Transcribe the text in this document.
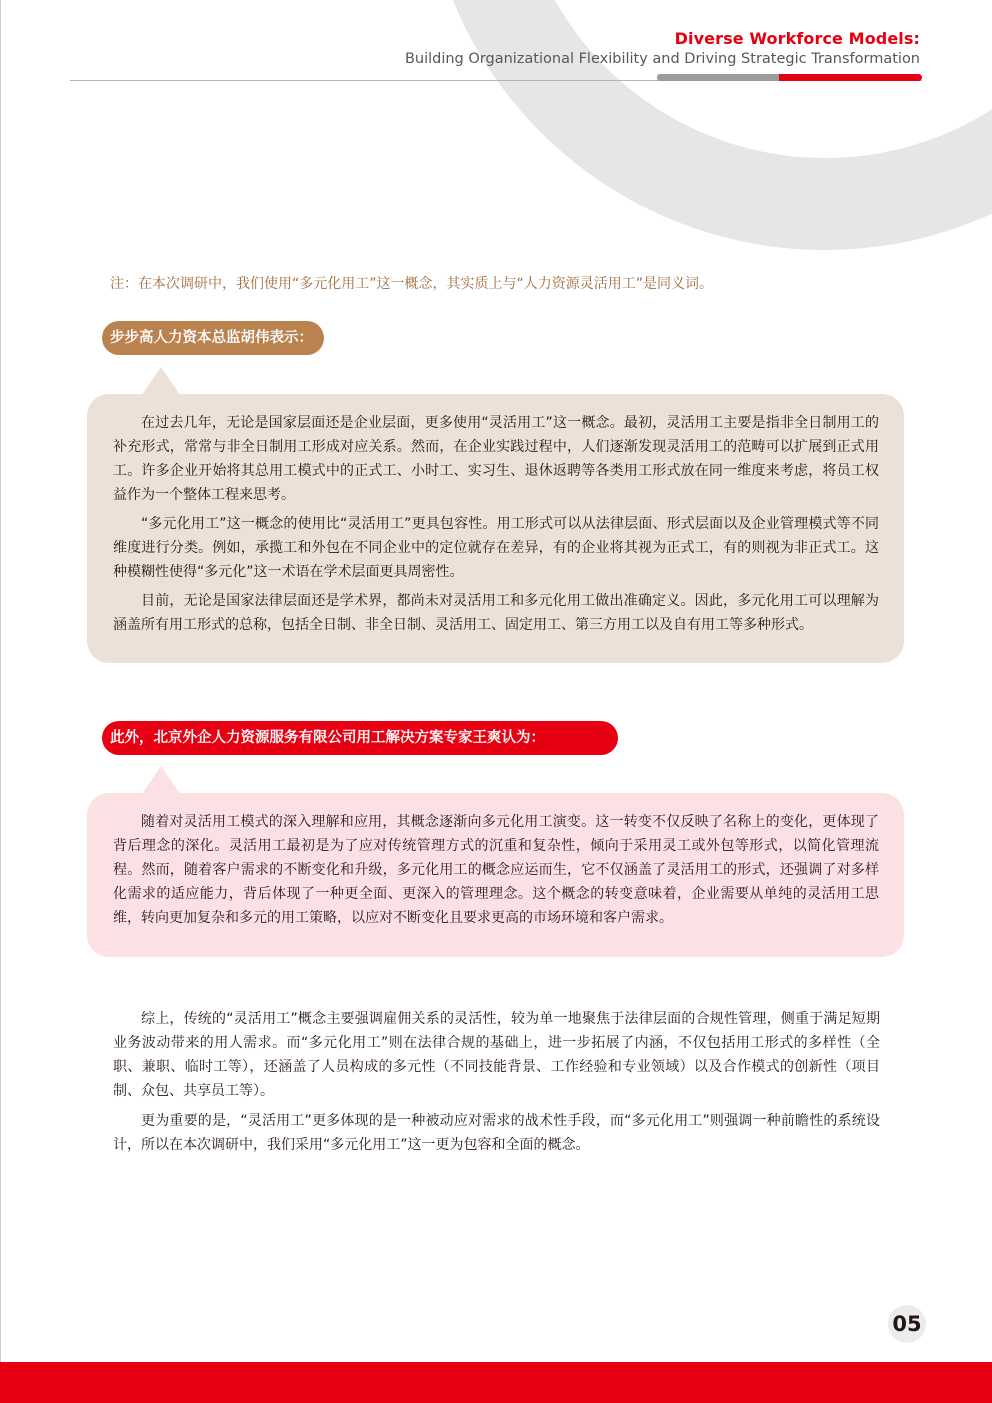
Diverse Workforce Models:
Building Organizational Flexibility and Driving Strategic Transformation
注：在本次调研中，我们使用“多元化用工”这一概念，其实质上与“人力资源灵活用工”是同义词。
步步高人力资本总监胡伟表示：

在过去几年，无论是国家层面还是企业层面，更多使用“灵活用工”这一概念。最初，灵活用工主要是指非全日制用工的补充形式，常常与非全日制用工形成对应关系。然而，在企业实践过程中，人们逐渐发现灵活用工的范畴可以扩展到正式用工。许多企业开始将其总用工模式中的正式工、小时工、实习生、退休返聘等各类用工形式放在同一维度来考虑，将员工权益作为一个整体工程来思考。

“多元化用工”这一概念的使用比“灵活用工”更具包容性。用工形式可以从法律层面、形式层面以及企业管理模式等不同维度进行分类。例如，承揽工和外包在不同企业中的定位就存在差异，有的企业将其视为正式工，有的则视为非正式工。这种模糊性使得“多元化”这一术语在学术层面更具周密性。

目前，无论是国家法律层面还是学术界，都尚未对灵活用工和多元化用工做出准确定义。因此，多元化用工可以理解为涵盖所有用工形式的总称，包括全日制、非全日制、灵活用工、固定用工、第三方用工以及自有用工等多种形式。

此外，北京外企人力资源服务有限公司用工解决方案专家王爽认为：

随着对灵活用工模式的深入理解和应用，其概念逐渐向多元化用工演变。这一转变不仅反映了名称上的变化，更体现了背后理念的深化。灵活用工最初是为了应对传统管理方式的沉重和复杂性，倾向于采用灵工或外包等形式，以简化管理流程。然而，随着客户需求的不断变化和升级，多元化用工的概念应运而生，它不仅涵盖了灵活用工的形式，还强调了对多样化需求的适应能力，背后体现了一种更全面、更深入的管理理念。这个概念的转变意味着，企业需要从单纯的灵活用工思维，转向更加复杂和多元的用工策略，以应对不断变化且要求更高的市场环境和客户需求。

综上，传统的“灵活用工”概念主要强调雇佣关系的灵活性，较为单一地聚焦于法律层面的合规性管理，侧重于满足短期业务波动带来的用人需求。而“多元化用工”则在法律合规的基础上，进一步拓展了内涵，不仅包括用工形式的多样性（全职、兼职、临时工等），还涵盖了人员构成的多元性（不同技能背景、工作经验和专业领域）以及合作模式的创新性（项目制、众包、共享员工等）。

更为重要的是，“灵活用工”更多体现的是一种被动应对需求的战术性手段，而“多元化用工”则强调一种前瞻性的系统设计，所以在本次调研中，我们采用“多元化用工”这一更为包容和全面的概念。

05
